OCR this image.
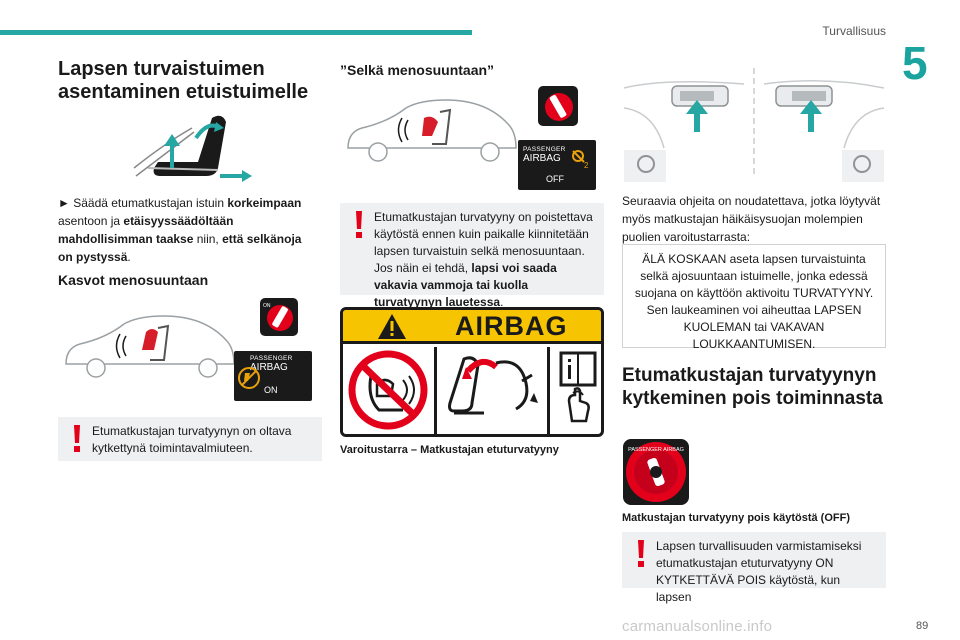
Turvallisuus
5
Lapsen turvaistuimen asentaminen etuistuimelle
► Säädä etumatkustajan istuin korkeimpaan asentoon ja etäisyyssäädöltään mahdollisimman taakse niin, että selkänoja on pystyssä.
Kasvot menosuuntaan
ON
PASSENGER
AIRBAG
ON
Etumatkustajan turvatyynyn on oltava kytkettynä toimintavalmiuteen.
”Selkä menosuuntaan”
PASSENGER
AIRBAG
2
OFF
Etumatkustajan turvatyyny on poistettava käytöstä ennen kuin paikalle kiinnitetään lapsen turvaistuin selkä menosuuntaan. Jos näin ei tehdä, lapsi voi saada vakavia vammoja tai kuolla turvatyynyn lauetessa.
AIRBAG
Varoitustarra – Matkustajan etuturvatyyny
Seuraavia ohjeita on noudatettava, jotka löytyvät myös matkustajan häikäisysuojan molempien puolien varoitustarrasta:
ÄLÄ KOSKAAN aseta lapsen turvaistuinta selkä ajosuuntaan istuimelle, jonka edessä suojana on käyttöön aktivoitu TURVATYYNY. Sen laukeaminen voi aiheuttaa LAPSEN KUOLEMAN tai VAKAVAN LOUKKAANTUMISEN.
Etumatkustajan turvatyynyn kytkeminen pois toiminnasta
PASSENGER AIRBAG
Matkustajan turvatyyny pois käytöstä (OFF)
Lapsen turvallisuuden varmistamiseksi etumatkustajan etuturvatyyny ON KYTKETTÄVÄ POIS käytöstä, kun lapsen
carmanualsonline.info	89
